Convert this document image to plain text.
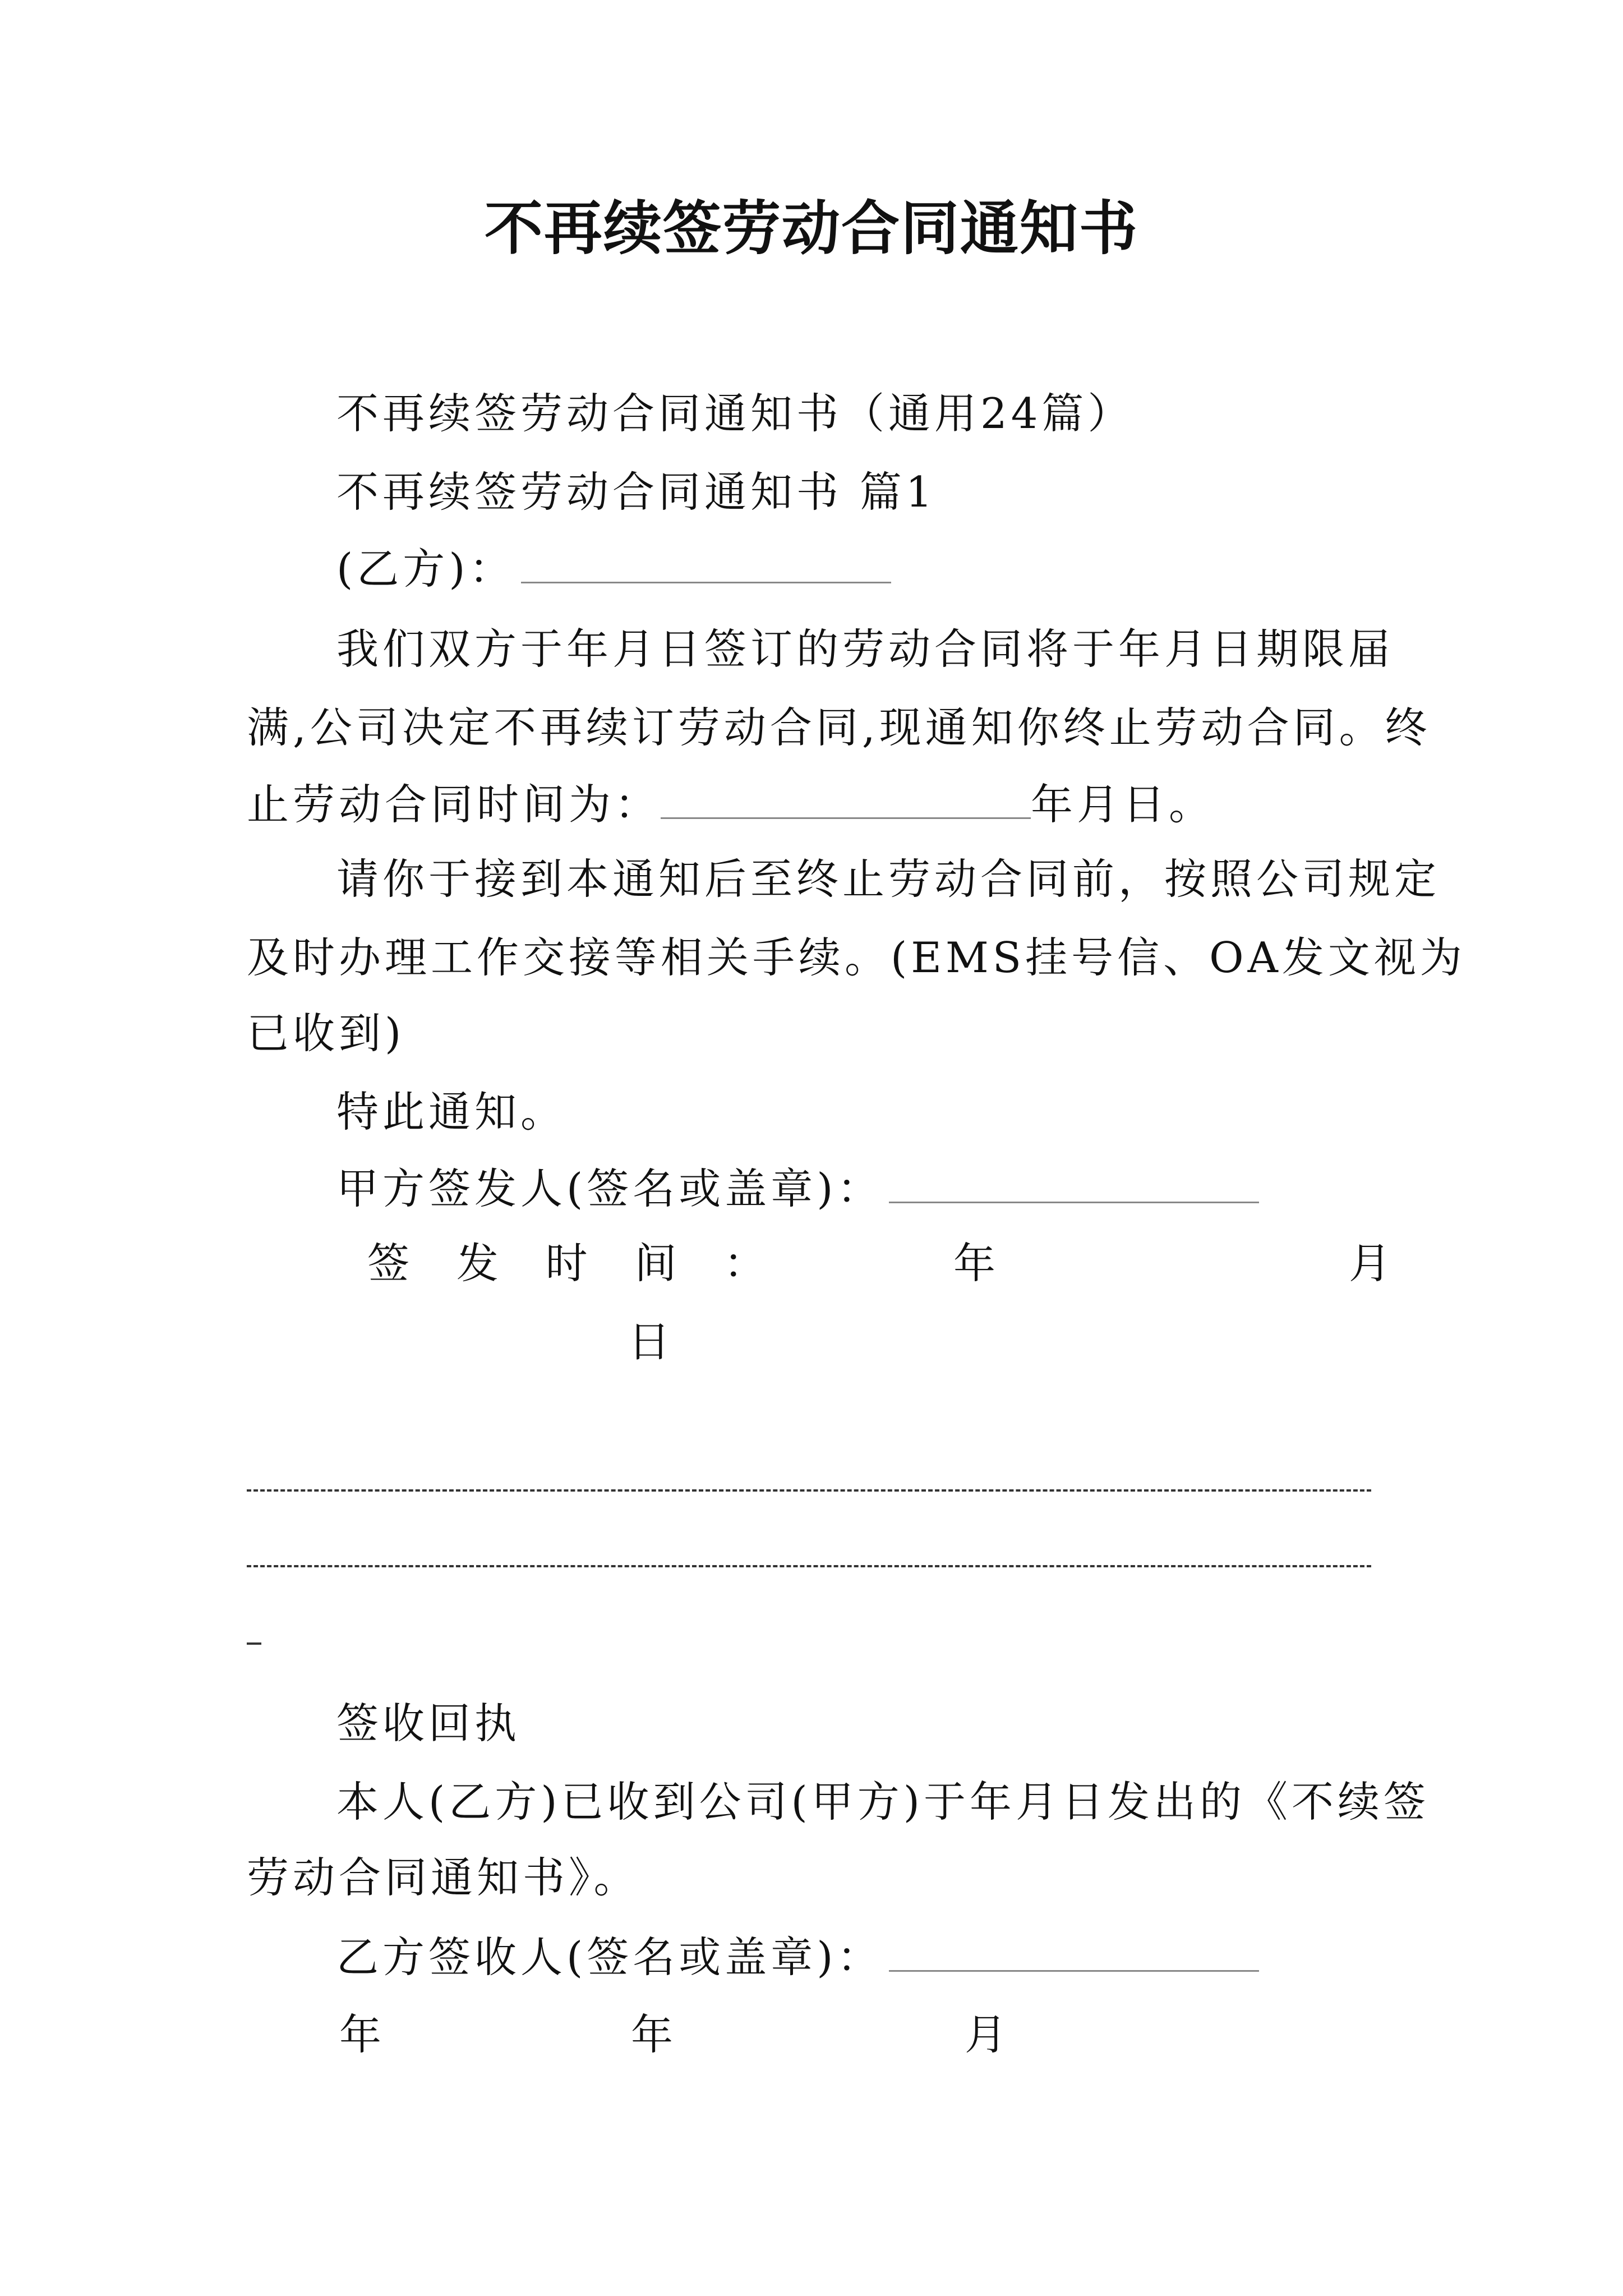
不再续签劳动合同通知书
不再续签劳动合同通知书（通用24篇）
不再续签劳动合同通知书 篇1
(乙方)：
我们双方于年月日签订的劳动合同将于年月日期限届
满,公司决定不再续订劳动合同,现通知你终止劳动合同。终
止劳动合同时间为：	年月日。
请你于接到本通知后至终止劳动合同前，按照公司规定
及时办理工作交接等相关手续。(EMS挂号信、OA发文视为
已收到)
特此通知。
甲方签发人(签名或盖章)：
签 发 时 间 ：	年	月
日
签收回执
本人(乙方)已收到公司(甲方)于年月日发出的《不续签
劳动合同通知书》。
乙方签收人(签名或盖章)：
年	年	月
